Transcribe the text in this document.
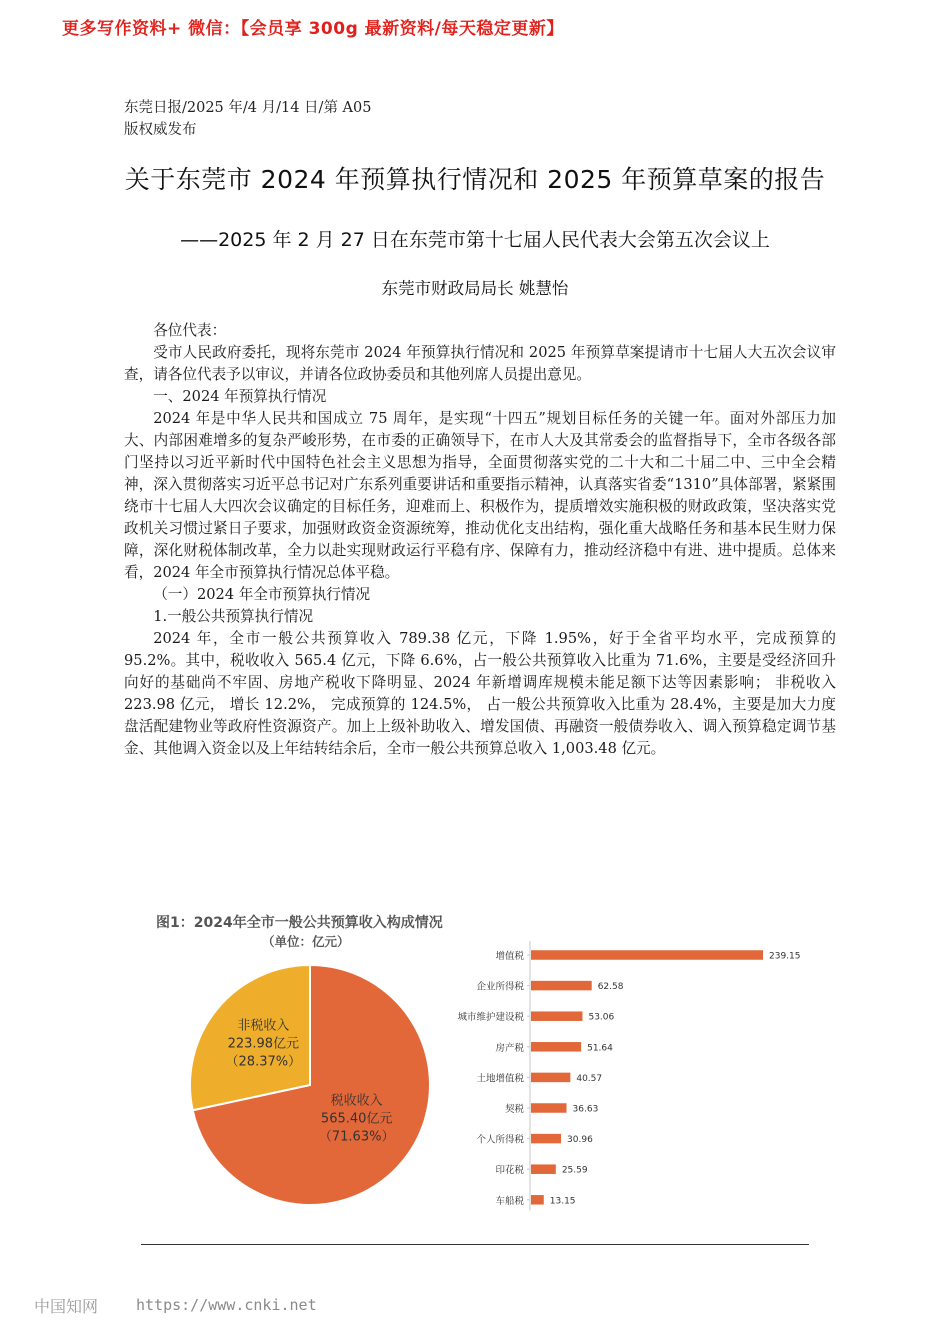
更多写作资料+ 微信：【会员享 300g 最新资料/每天稳定更新】
东莞日报/2025 年/4 月/14 日/第 A05
版权威发布
关于东莞市 2024 年预算执行情况和 2025 年预算草案的报告
——2025 年 2 月 27 日在东莞市第十七届人民代表大会第五次会议上
东莞市财政局局长 姚慧怡

各位代表：

受市人民政府委托，现将东莞市 2024 年预算执行情况和 2025 年预算草案提请市十七届人大五次会议审查，请各位代表予以审议，并请各位政协委员和其他列席人员提出意见。

一、2024 年预算执行情况

2024 年是中华人民共和国成立 75 周年，是实现“十四五”规划目标任务的关键一年。面对外部压力加大、内部困难增多的复杂严峻形势，在市委的正确领导下，在市人大及其常委会的监督指导下，全市各级各部门坚持以习近平新时代中国特色社会主义思想为指导，全面贯彻落实党的二十大和二十届二中、三中全会精神，深入贯彻落实习近平总书记对广东系列重要讲话和重要指示精神，认真落实省委“1310”具体部署，紧紧围绕市十七届人大四次会议确定的目标任务，迎难而上、积极作为，提质增效实施积极的财政政策，坚决落实党政机关习惯过紧日子要求，加强财政资金资源统筹，推动优化支出结构，强化重大战略任务和基本民生财力保障，深化财税体制改革，全力以赴实现财政运行平稳有序、保障有力，推动经济稳中有进、进中提质。总体来看，2024 年全市预算执行情况总体平稳。

（一）2024 年全市预算执行情况

1.一般公共预算执行情况

2024 年，全市一般公共预算收入 789.38 亿元，下降 1.95%，好于全省平均水平，完成预算的 95.2%。其中，税收收入 565.4 亿元，下降 6.6%，占一般公共预算收入比重为 71.6%，主要是受经济回升向好的基础尚不牢固、房地产税收下降明显、2024 年新增调库规模未能足额下达等因素影响； 非税收入 223.98 亿元， 增长 12.2%， 完成预算的 124.5%， 占一般公共预算收入比重为 28.4%，主要是加大力度盘活配建物业等政府性资源资产。加上上级补助收入、增发国债、再融资一般债券收入、调入预算稳定调节基金、其他调入资金以及上年结转结余后，全市一般公共预算总收入 1,003.48 亿元。

图1：2024年全市一般公共预算收入构成情况
（单位：亿元）
税收收入
565.40亿元
（71.63%）
非税收入
223.98亿元
（28.37%）
增值税	239.15
企业所得税	62.58
城市维护建设税	53.06
房产税	51.64
土地增值税	40.57
契税	36.63
个人所得税	30.96
印花税	25.59
车船税	13.15
中国知网	https://www.cnki.net
